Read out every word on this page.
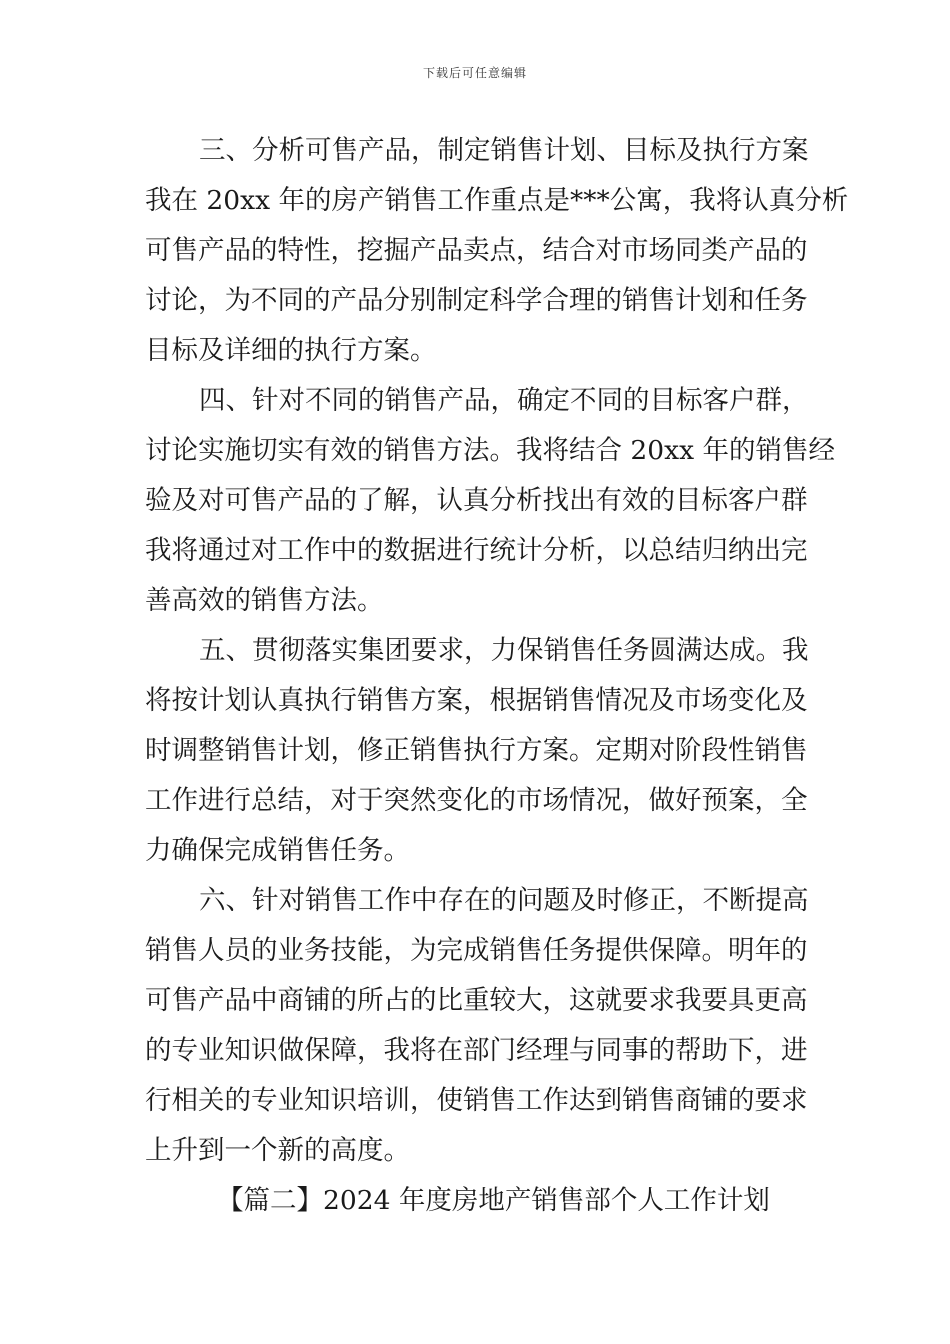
下载后可任意编辑
三、分析可售产品，制定销售计划、目标及执行方案
我在 20xx 年的房产销售工作重点是***公寓，我将认真分析
可售产品的特性，挖掘产品卖点，结合对市场同类产品的
讨论，为不同的产品分别制定科学合理的销售计划和任务
目标及详细的执行方案。
四、针对不同的销售产品，确定不同的目标客户群，
讨论实施切实有效的销售方法。我将结合 20xx 年的销售经
验及对可售产品的了解，认真分析找出有效的目标客户群
我将通过对工作中的数据进行统计分析，以总结归纳出完
善高效的销售方法。
五、贯彻落实集团要求，力保销售任务圆满达成。我
将按计划认真执行销售方案，根据销售情况及市场变化及
时调整销售计划，修正销售执行方案。定期对阶段性销售
工作进行总结，对于突然变化的市场情况，做好预案，全
力确保完成销售任务。
六、针对销售工作中存在的问题及时修正，不断提高
销售人员的业务技能，为完成销售任务提供保障。明年的
可售产品中商铺的所占的比重较大，这就要求我要具更高
的专业知识做保障，我将在部门经理与同事的帮助下，进
行相关的专业知识培训，使销售工作达到销售商铺的要求
上升到一个新的高度。
【篇二】2024 年度房地产销售部个人工作计划
